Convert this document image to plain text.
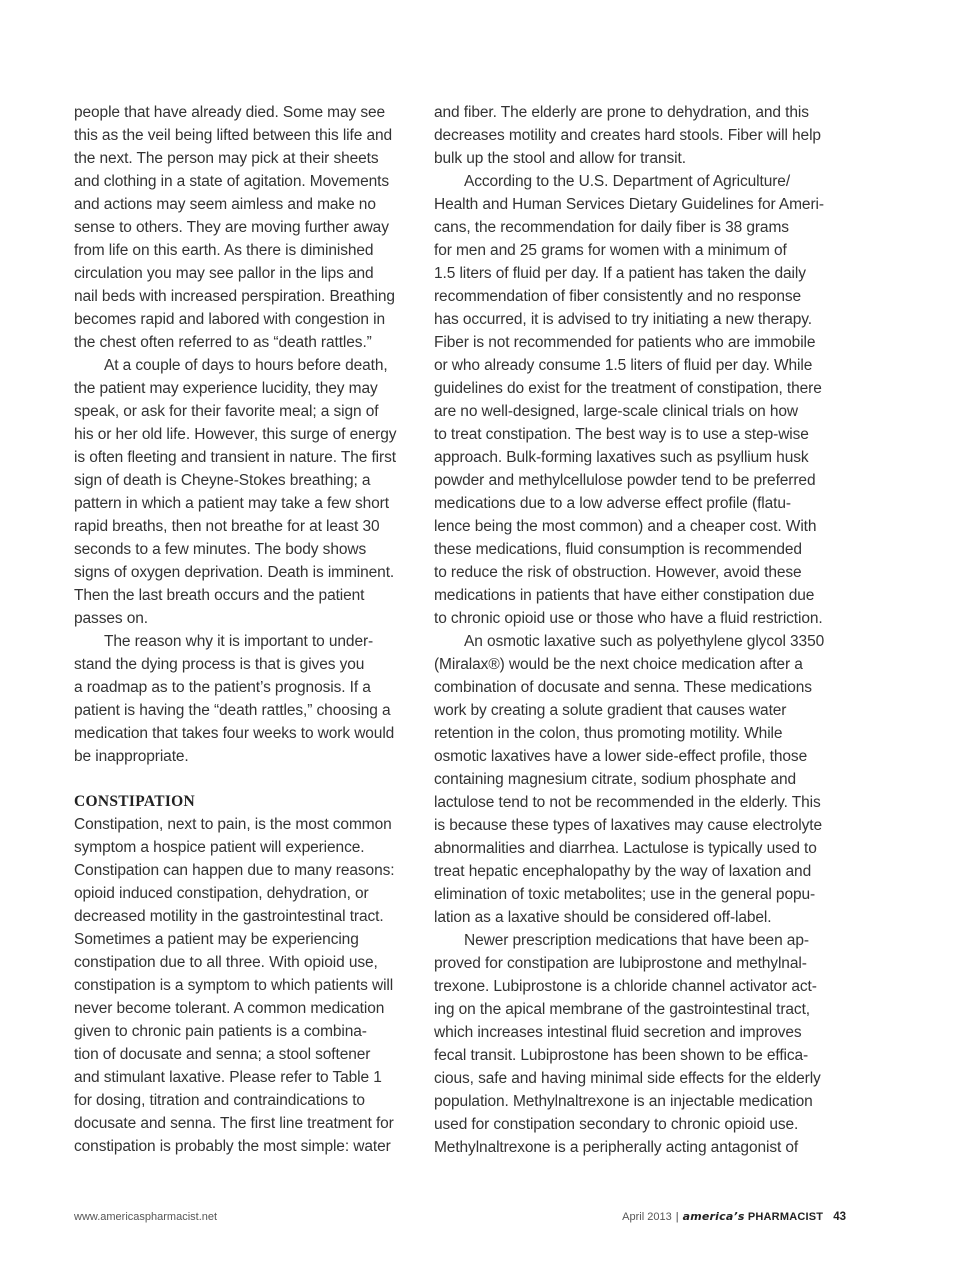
people that have already died. Some may see
this as the veil being lifted between this life and
the next. The person may pick at their sheets
and clothing in a state of agitation. Movements
and actions may seem aimless and make no
sense to others. They are moving further away
from life on this earth. As there is diminished
circulation you may see pallor in the lips and
nail beds with increased perspiration. Breathing
becomes rapid and labored with congestion in
the chest often referred to as “death rattles.”
At a couple of days to hours before death,
the patient may experience lucidity, they may
speak, or ask for their favorite meal; a sign of
his or her old life. However, this surge of energy
is often fleeting and transient in nature. The first
sign of death is Cheyne-Stokes breathing; a
pattern in which a patient may take a few short
rapid breaths, then not breathe for at least 30
seconds to a few minutes. The body shows
signs of oxygen deprivation. Death is imminent.
Then the last breath occurs and the patient
passes on.
The reason why it is important to under-
stand the dying process is that is gives you
a roadmap as to the patient’s prognosis. If a
patient is having the “death rattles,” choosing a
medication that takes four weeks to work would
be inappropriate.
CONSTIPATION
Constipation, next to pain, is the most common
symptom a hospice patient will experience.
Constipation can happen due to many reasons:
opioid induced constipation, dehydration, or
decreased motility in the gastrointestinal tract.
Sometimes a patient may be experiencing
constipation due to all three. With opioid use,
constipation is a symptom to which patients will
never become tolerant. A common medication
given to chronic pain patients is a combina-
tion of docusate and senna; a stool softener
and stimulant laxative. Please refer to Table 1
for dosing, titration and contraindications to
docusate and senna. The first line treatment for
constipation is probably the most simple: water
and fiber. The elderly are prone to dehydration, and this
decreases motility and creates hard stools. Fiber will help
bulk up the stool and allow for transit.
According to the U.S. Department of Agriculture/
Health and Human Services Dietary Guidelines for Ameri-
cans, the recommendation for daily fiber is 38 grams
for men and 25 grams for women with a minimum of
1.5 liters of fluid per day. If a patient has taken the daily
recommendation of fiber consistently and no response
has occurred, it is advised to try initiating a new therapy.
Fiber is not recommended for patients who are immobile
or who already consume 1.5 liters of fluid per day. While
guidelines do exist for the treatment of constipation, there
are no well-designed, large-scale clinical trials on how
to treat constipation. The best way is to use a step-wise
approach. Bulk-forming laxatives such as psyllium husk
powder and methylcellulose powder tend to be preferred
medications due to a low adverse effect profile (flatu-
lence being the most common) and a cheaper cost. With
these medications, fluid consumption is recommended
to reduce the risk of obstruction. However, avoid these
medications in patients that have either constipation due
to chronic opioid use or those who have a fluid restriction.
An osmotic laxative such as polyethylene glycol 3350
(Miralax®) would be the next choice medication after a
combination of docusate and senna. These medications
work by creating a solute gradient that causes water
retention in the colon, thus promoting motility. While
osmotic laxatives have a lower side-effect profile, those
containing magnesium citrate, sodium phosphate and
lactulose tend to not be recommended in the elderly. This
is because these types of laxatives may cause electrolyte
abnormalities and diarrhea. Lactulose is typically used to
treat hepatic encephalopathy by the way of laxation and
elimination of toxic metabolites; use in the general popu-
lation as a laxative should be considered off-label.
Newer prescription medications that have been ap-
proved for constipation are lubiprostone and methylnal-
trexone. Lubiprostone is a chloride channel activator act-
ing on the apical membrane of the gastrointestinal tract,
which increases intestinal fluid secretion and improves
fecal transit. Lubiprostone has been shown to be effica-
cious, safe and having minimal side effects for the elderly
population. Methylnaltrexone is an injectable medication
used for constipation secondary to chronic opioid use.
Methylnaltrexone is a peripherally acting antagonist of
www.americaspharmacist.net	April 2013 | america’s PHARMACIST 43
